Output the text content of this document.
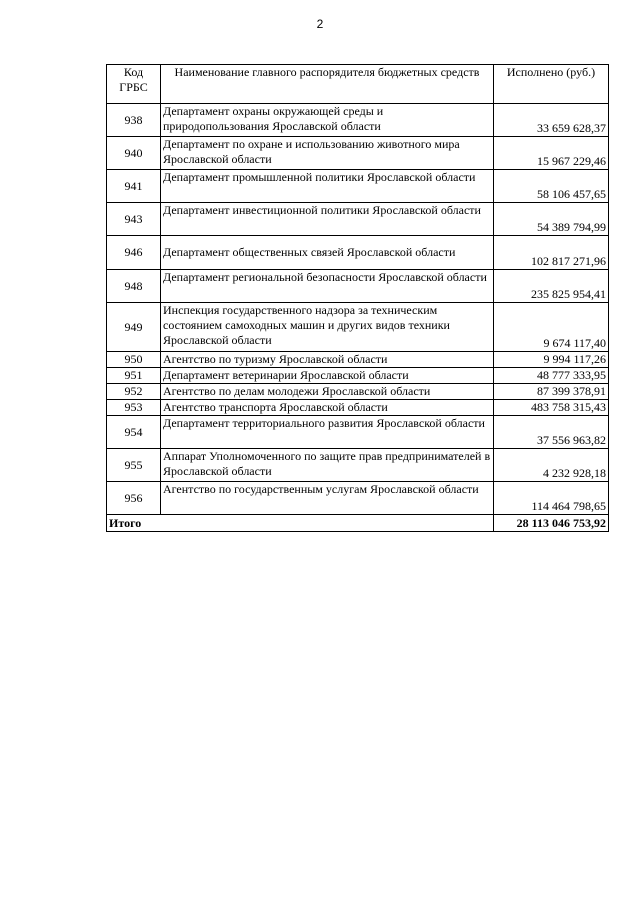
2
Код ГРБС	Наименование главного распорядителя бюджетных средств	Исполнено (руб.)
938	Департамент охраны окружающей среды и природопользования Ярославской области	33 659 628,37
940	Департамент по охране и использованию животного мира Ярославской области	15 967 229,46
941	Департамент промышленной политики Ярославской области	58 106 457,65
943	Департамент инвестиционной политики Ярославской области	54 389 794,99
946	Департамент общественных связей Ярославской области	102 817 271,96
948	Департамент региональной безопасности Ярославской области	235 825 954,41
949	Инспекция государственного надзора за техническим состоянием самоходных машин и других видов техники Ярославской области	9 674 117,40
950	Агентство по туризму Ярославской области	9 994 117,26
951	Департамент ветеринарии Ярославской области	48 777 333,95
952	Агентство по делам молодежи Ярославской области	87 399 378,91
953	Агентство транспорта Ярославской области	483 758 315,43
954	Департамент территориального развития Ярославской области	37 556 963,82
955	Аппарат Уполномоченного по защите прав предпринимателей в Ярославской области	4 232 928,18
956	Агентство по государственным услугам Ярославской области	114 464 798,65
Итого		28 113 046 753,92
